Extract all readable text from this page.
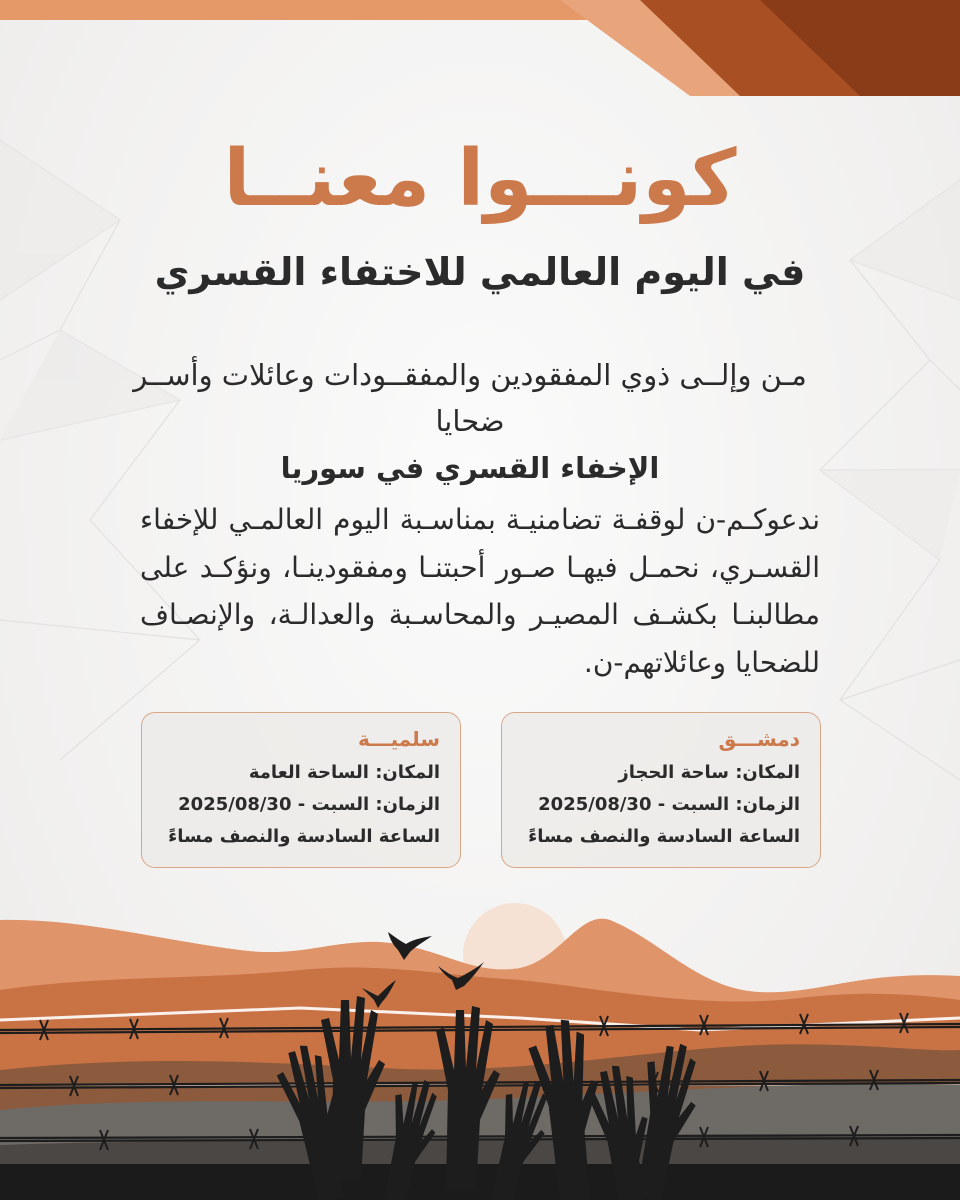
كونـــوا معنــا
في اليوم العالمي للاختفاء القسري
مـن وإلــى ذوي المفقودين والمفقــودات وعائلات وأســر ضحايا
الإخفاء القسري في سوريا
ندعوكـم-ن لوقفـة تضامنيـة بمناسـبة اليوم العالمـي للإخفاء القسـري، نحمـل فيهـا صـور أحبتنـا ومفقودينـا، ونؤكـد على مطالبنـا بكشـف المصيـر والمحاسـبة والعدالـة، والإنصـاف للضحايا وعائلاتهم-ن.
دمشـــق
المكان: ساحة الحجاز
الزمان: السبت - 2025/08/30
الساعة السادسة والنصف مساءً
سلميـــة
المكان: الساحة العامة
الزمان: السبت - 2025/08/30
الساعة السادسة والنصف مساءً
